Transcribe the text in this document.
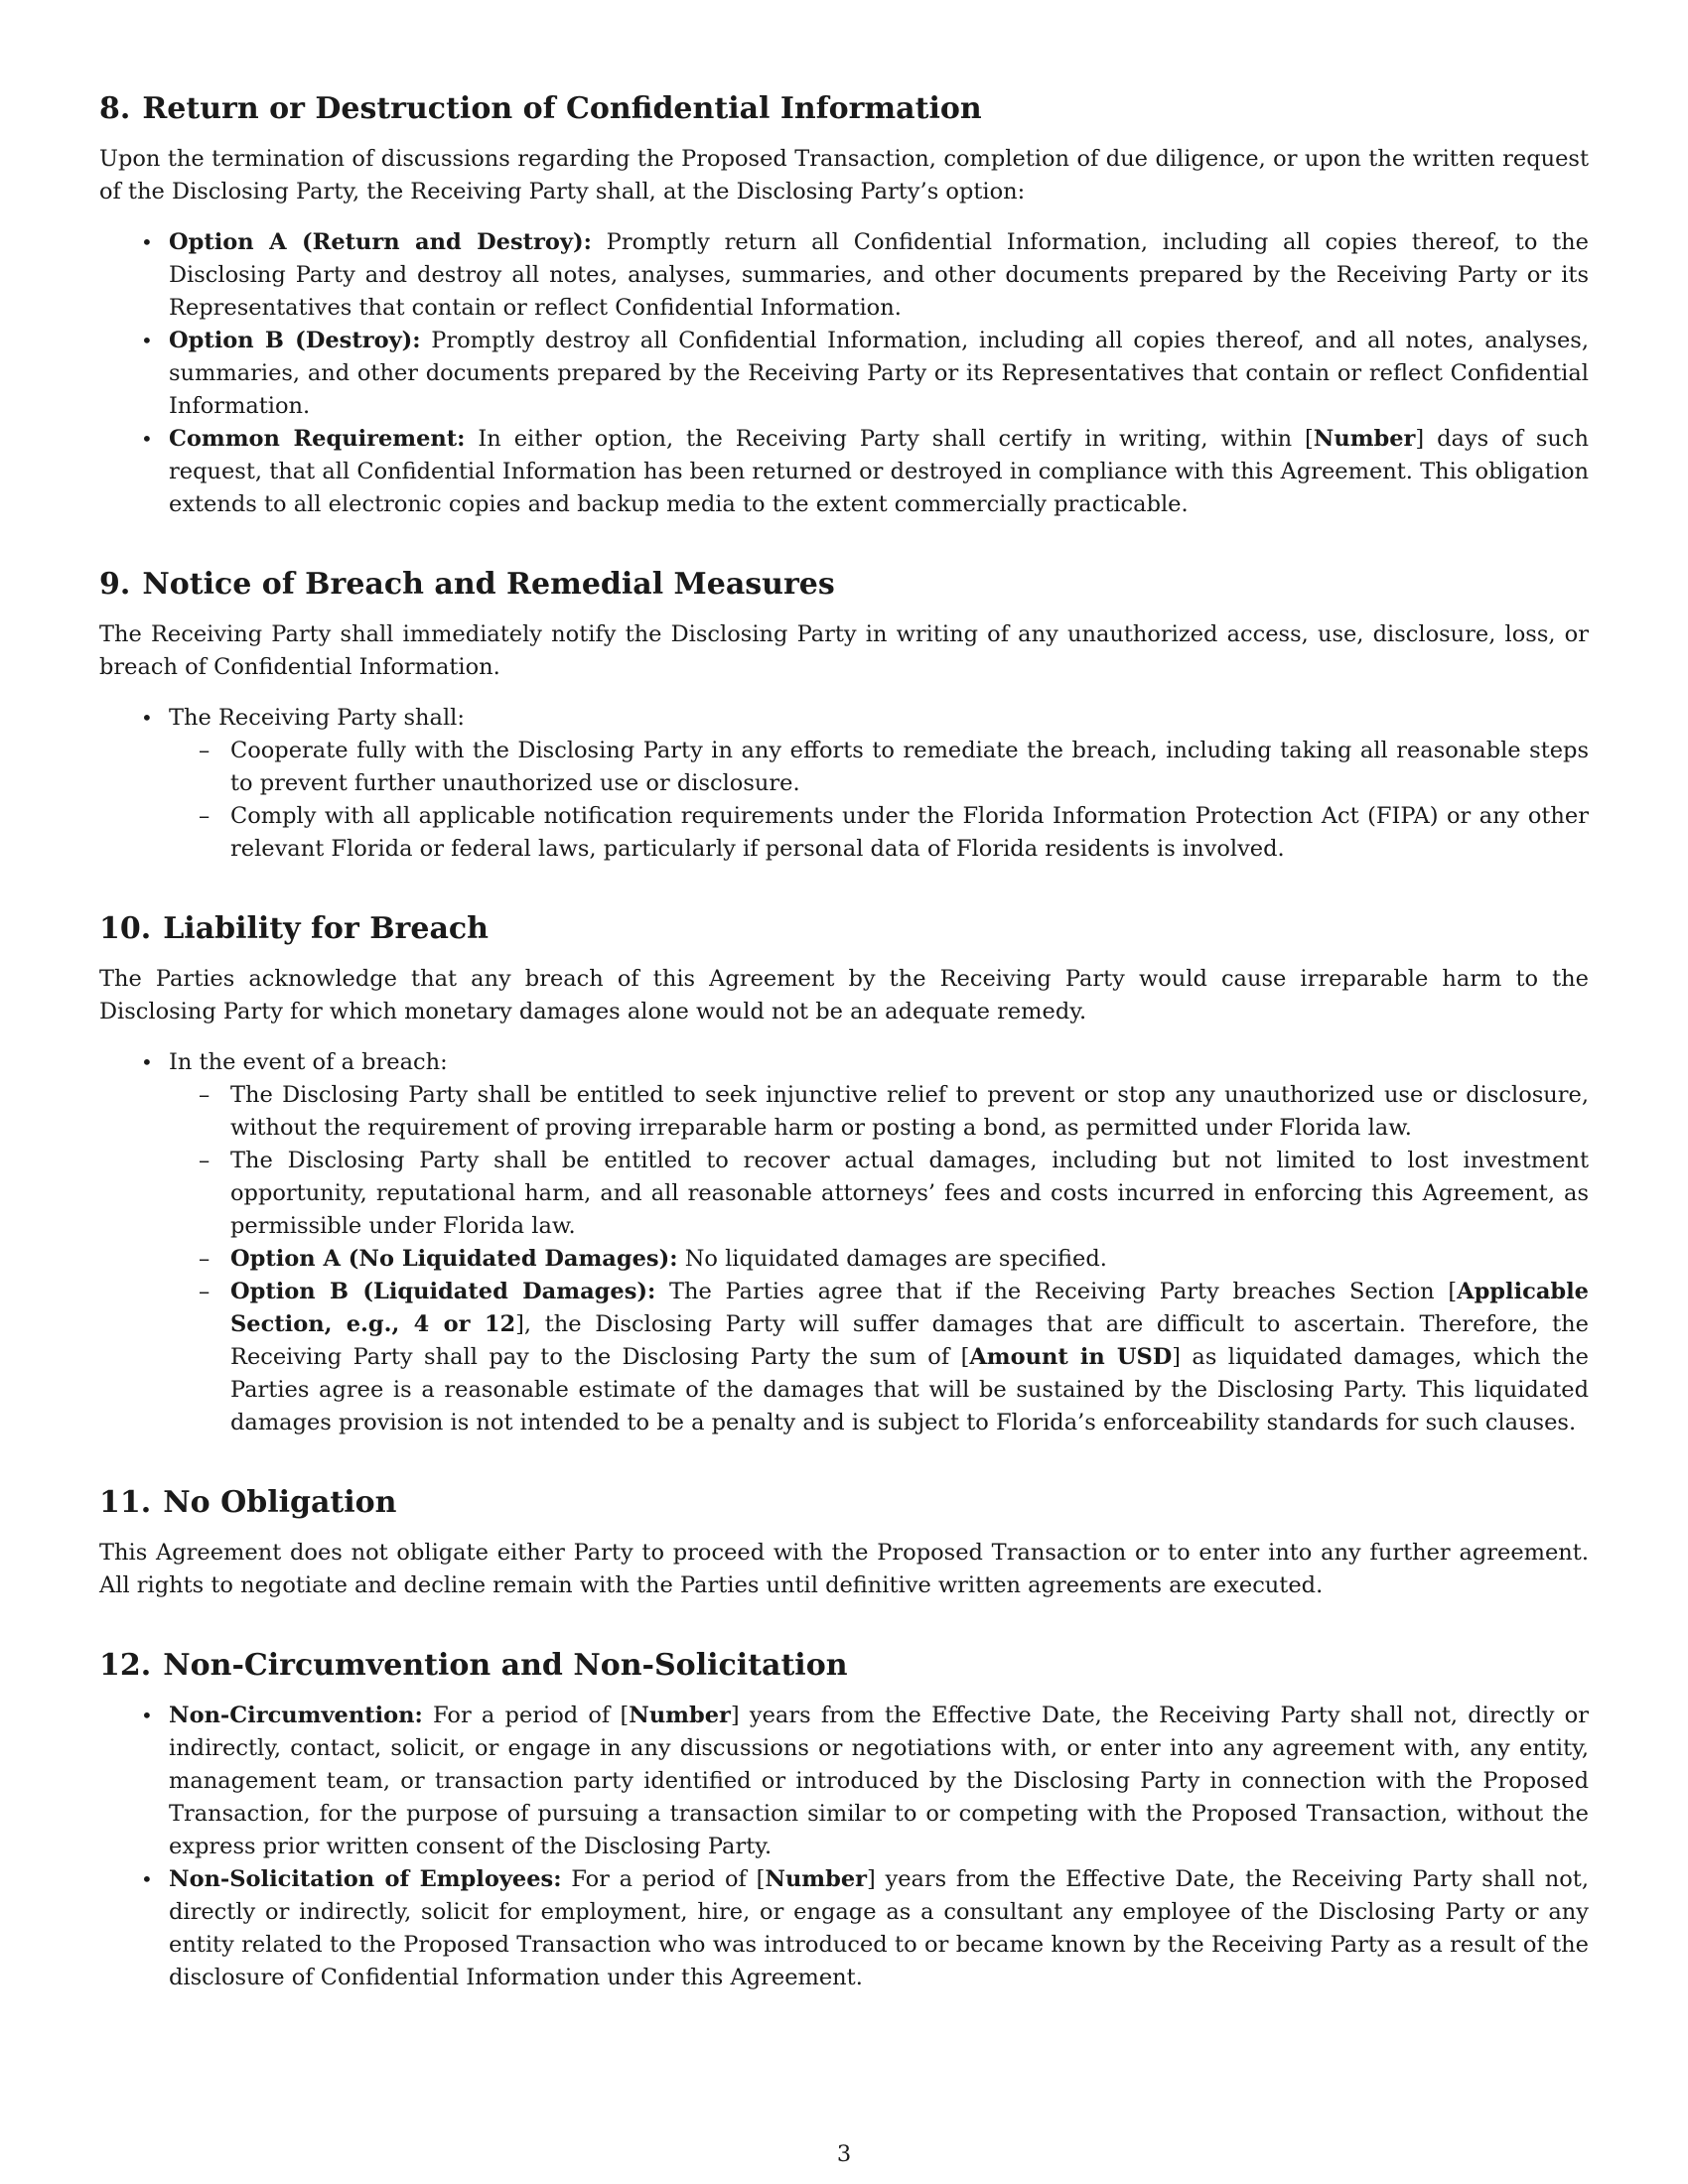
8. Return or Destruction of Confidential Information

Upon the termination of discussions regarding the Proposed Transaction, completion of due diligence, or upon the written request of the Disclosing Party, the Receiving Party shall, at the Disclosing Party’s option:

• Option A (Return and Destroy): Promptly return all Confidential Information, including all copies thereof, to the Disclosing Party and destroy all notes, analyses, summaries, and other documents prepared by the Receiving Party or its Representatives that contain or reflect Confidential Information.
• Option B (Destroy): Promptly destroy all Confidential Information, including all copies thereof, and all notes, analyses, summaries, and other documents prepared by the Receiving Party or its Representatives that contain or reflect Confidential Information.
• Common Requirement: In either option, the Receiving Party shall certify in writing, within [Number] days of such request, that all Confidential Information has been returned or destroyed in compliance with this Agreement. This obligation extends to all electronic copies and backup media to the extent commercially practicable.
9. Notice of Breach and Remedial Measures

The Receiving Party shall immediately notify the Disclosing Party in writing of any unauthorized access, use, disclosure, loss, or breach of Confidential Information.

• The Receiving Party shall:
– Cooperate fully with the Disclosing Party in any efforts to remediate the breach, including taking all reasonable steps to prevent further unauthorized use or disclosure.
– Comply with all applicable notification requirements under the Florida Information Protection Act (FIPA) or any other relevant Florida or federal laws, particularly if personal data of Florida residents is involved.
10. Liability for Breach

The Parties acknowledge that any breach of this Agreement by the Receiving Party would cause irreparable harm to the Disclosing Party for which monetary damages alone would not be an adequate remedy.

• In the event of a breach:
– The Disclosing Party shall be entitled to seek injunctive relief to prevent or stop any unauthorized use or disclosure, without the requirement of proving irreparable harm or posting a bond, as permitted under Florida law.
– The Disclosing Party shall be entitled to recover actual damages, including but not limited to lost investment opportunity, reputational harm, and all reasonable attorneys’ fees and costs incurred in enforcing this Agreement, as permissible under Florida law.
– Option A (No Liquidated Damages): No liquidated damages are specified.
– Option B (Liquidated Damages): The Parties agree that if the Receiving Party breaches Section [Applicable Section, e.g., 4 or 12], the Disclosing Party will suffer damages that are difficult to ascertain. Therefore, the Receiving Party shall pay to the Disclosing Party the sum of [Amount in USD] as liquidated damages, which the Parties agree is a reasonable estimate of the damages that will be sustained by the Disclosing Party. This liquidated damages provision is not intended to be a penalty and is subject to Florida’s enforceability standards for such clauses.
11. No Obligation

This Agreement does not obligate either Party to proceed with the Proposed Transaction or to enter into any further agreement. All rights to negotiate and decline remain with the Parties until definitive written agreements are executed.

12. Non-Circumvention and Non-Solicitation
• Non-Circumvention: For a period of [Number] years from the Effective Date, the Receiving Party shall not, directly or indirectly, contact, solicit, or engage in any discussions or negotiations with, or enter into any agreement with, any entity, management team, or transaction party identified or introduced by the Disclosing Party in connection with the Proposed Transaction, for the purpose of pursuing a transaction similar to or competing with the Proposed Transaction, without the express prior written consent of the Disclosing Party.
• Non-Solicitation of Employees: For a period of [Number] years from the Effective Date, the Receiving Party shall not, directly or indirectly, solicit for employment, hire, or engage as a consultant any employee of the Disclosing Party or any entity related to the Proposed Transaction who was introduced to or became known by the Receiving Party as a result of the disclosure of Confidential Information under this Agreement.
3
